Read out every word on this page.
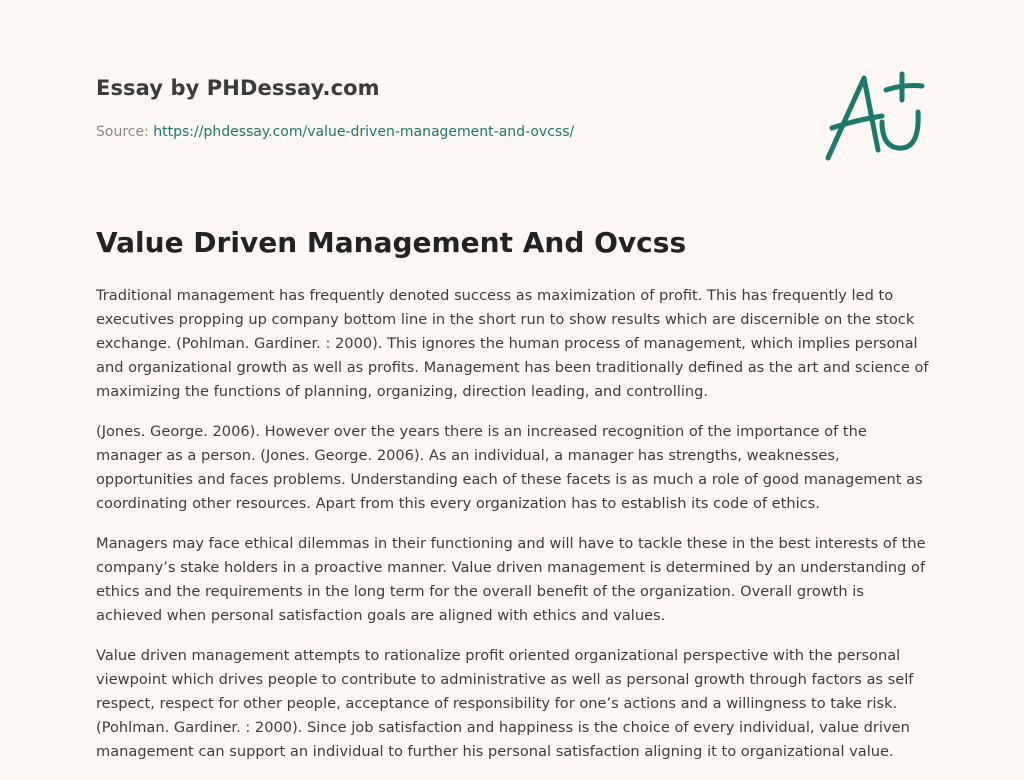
Essay by PHDessay.com
Source: https://phdessay.com/value-driven-management-and-ovcss/
Value Driven Management And Ovcss

Traditional management has frequently denoted success as maximization of profit. This has frequently led to executives propping up company bottom line in the short run to show results which are discernible on the stock exchange. (Pohlman. Gardiner. : 2000). This ignores the human process of management, which implies personal and organizational growth as well as profits. Management has been traditionally defined as the art and science of maximizing the functions of planning, organizing, direction leading, and controlling.

(Jones. George. 2006). However over the years there is an increased recognition of the importance of the manager as a person. (Jones. George. 2006). As an individual, a manager has strengths, weaknesses, opportunities and faces problems. Understanding each of these facets is as much a role of good management as coordinating other resources. Apart from this every organization has to establish its code of ethics.

Managers may face ethical dilemmas in their functioning and will have to tackle these in the best interests of the company’s stake holders in a proactive manner. Value driven management is determined by an understanding of ethics and the requirements in the long term for the overall benefit of the organization. Overall growth is achieved when personal satisfaction goals are aligned with ethics and values.

Value driven management attempts to rationalize profit oriented organizational perspective with the personal viewpoint which drives people to contribute to administrative as well as personal growth through factors as self respect, respect for other people, acceptance of responsibility for one’s actions and a willingness to take risk. (Pohlman. Gardiner. : 2000). Since job satisfaction and happiness is the choice of every individual, value driven management can support an individual to further his personal satisfaction aligning it to organizational value.
